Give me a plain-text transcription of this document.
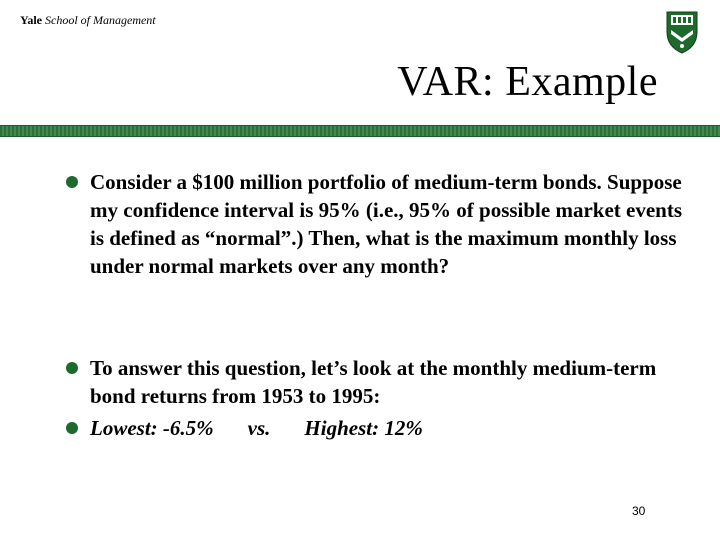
Yale School of Management
VAR: Example
Consider a $100 million portfolio of medium-term bonds. Suppose my confidence interval is 95% (i.e., 95% of possible market events is defined as “normal”.) Then, what is the maximum monthly loss under normal markets over any month?
To answer this question, let’s look at the monthly medium-term bond returns from 1953 to 1995:
Lowest: -6.5% vs. Highest: 12%
30
